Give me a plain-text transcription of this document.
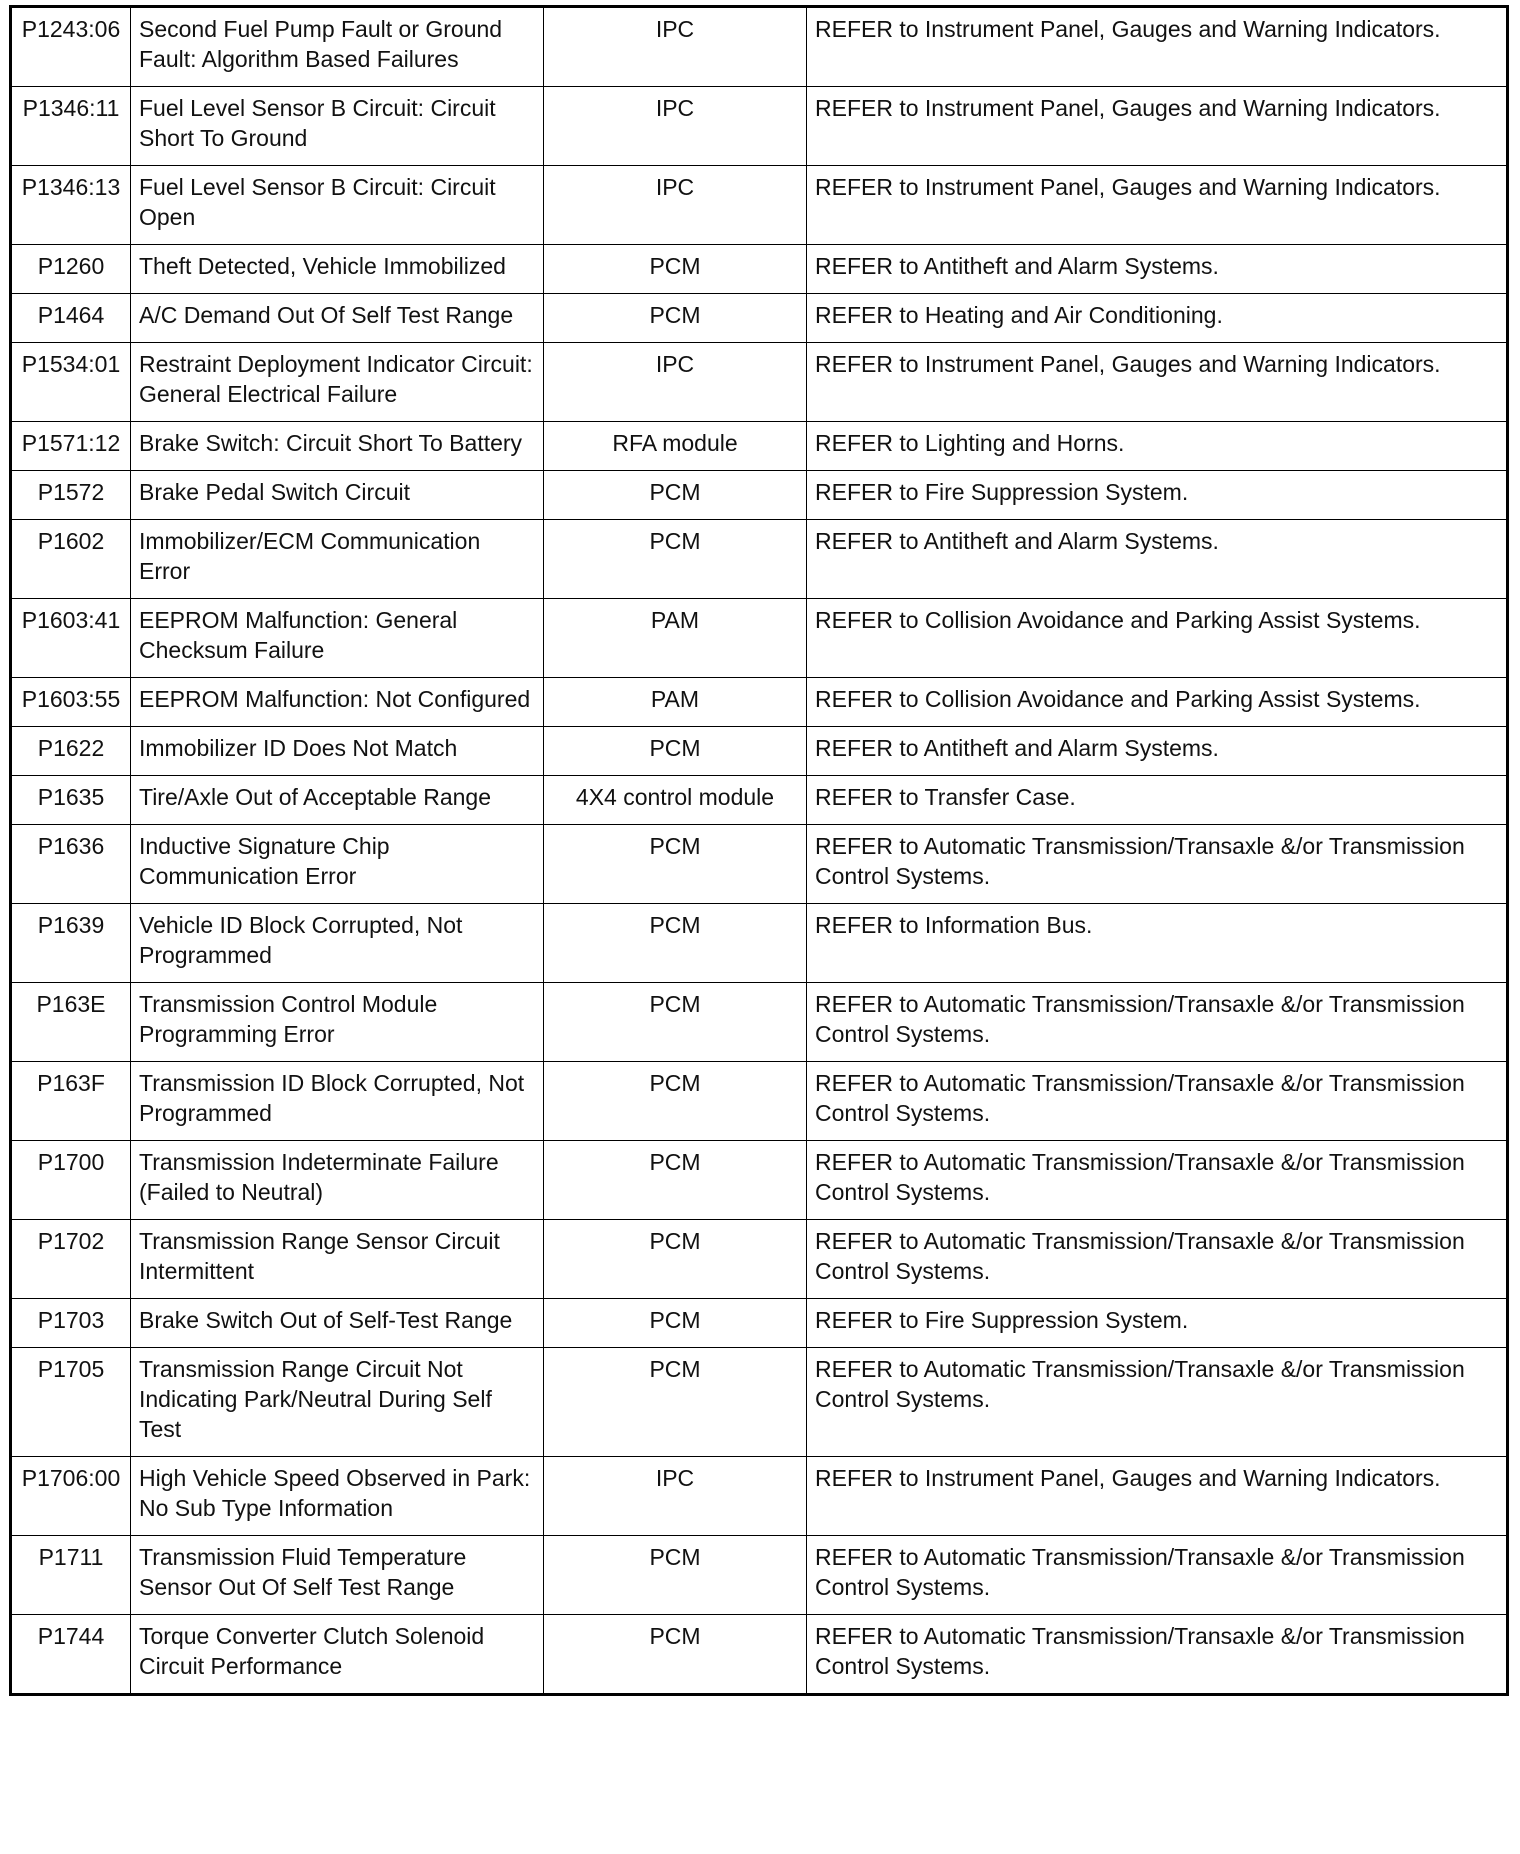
P1243:06	Second Fuel Pump Fault or Ground Fault: Algorithm Based Failures	IPC	REFER to Instrument Panel, Gauges and Warning Indicators.
P1346:11	Fuel Level Sensor B Circuit: Circuit Short To Ground	IPC	REFER to Instrument Panel, Gauges and Warning Indicators.
P1346:13	Fuel Level Sensor B Circuit: Circuit Open	IPC	REFER to Instrument Panel, Gauges and Warning Indicators.
P1260	Theft Detected, Vehicle Immobilized	PCM	REFER to Antitheft and Alarm Systems.
P1464	A/C Demand Out Of Self Test Range	PCM	REFER to Heating and Air Conditioning.
P1534:01	Restraint Deployment Indicator Circuit: General Electrical Failure	IPC	REFER to Instrument Panel, Gauges and Warning Indicators.
P1571:12	Brake Switch: Circuit Short To Battery	RFA module	REFER to Lighting and Horns.
P1572	Brake Pedal Switch Circuit	PCM	REFER to Fire Suppression System.
P1602	Immobilizer/ECM Communication Error	PCM	REFER to Antitheft and Alarm Systems.
P1603:41	EEPROM Malfunction: General Checksum Failure	PAM	REFER to Collision Avoidance and Parking Assist Systems.
P1603:55	EEPROM Malfunction: Not Configured	PAM	REFER to Collision Avoidance and Parking Assist Systems.
P1622	Immobilizer ID Does Not Match	PCM	REFER to Antitheft and Alarm Systems.
P1635	Tire/Axle Out of Acceptable Range	4X4 control module	REFER to Transfer Case.
P1636	Inductive Signature Chip Communication Error	PCM	REFER to Automatic Transmission/Transaxle &/or Transmission Control Systems.
P1639	Vehicle ID Block Corrupted, Not Programmed	PCM	REFER to Information Bus.
P163E	Transmission Control Module Programming Error	PCM	REFER to Automatic Transmission/Transaxle &/or Transmission Control Systems.
P163F	Transmission ID Block Corrupted, Not Programmed	PCM	REFER to Automatic Transmission/Transaxle &/or Transmission Control Systems.
P1700	Transmission Indeterminate Failure (Failed to Neutral)	PCM	REFER to Automatic Transmission/Transaxle &/or Transmission Control Systems.
P1702	Transmission Range Sensor Circuit Intermittent	PCM	REFER to Automatic Transmission/Transaxle &/or Transmission Control Systems.
P1703	Brake Switch Out of Self-Test Range	PCM	REFER to Fire Suppression System.
P1705	Transmission Range Circuit Not Indicating Park/Neutral During Self Test	PCM	REFER to Automatic Transmission/Transaxle &/or Transmission Control Systems.
P1706:00	High Vehicle Speed Observed in Park: No Sub Type Information	IPC	REFER to Instrument Panel, Gauges and Warning Indicators.
P1711	Transmission Fluid Temperature Sensor Out Of Self Test Range	PCM	REFER to Automatic Transmission/Transaxle &/or Transmission Control Systems.
P1744	Torque Converter Clutch Solenoid Circuit Performance	PCM	REFER to Automatic Transmission/Transaxle &/or Transmission Control Systems.
